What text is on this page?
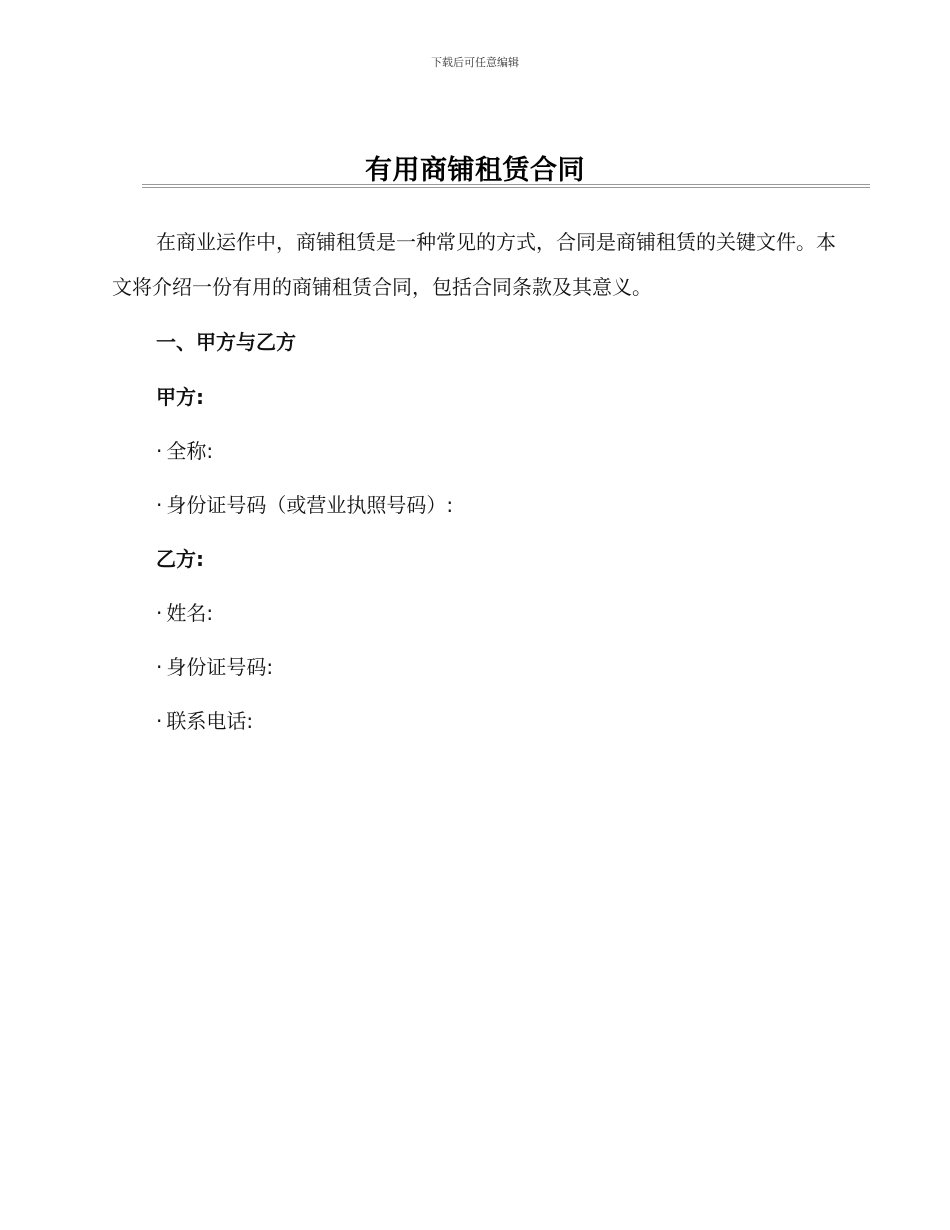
下载后可任意编辑
有用商铺租赁合同

在商业运作中，商铺租赁是一种常见的方式，合同是商铺租赁的关键文件。本文将介绍一份有用的商铺租赁合同，包括合同条款及其意义。

一、甲方与乙方

甲方:

· 全称:

· 身份证号码（或营业执照号码）:

乙方:

· 姓名:

· 身份证号码:

· 联系电话:
